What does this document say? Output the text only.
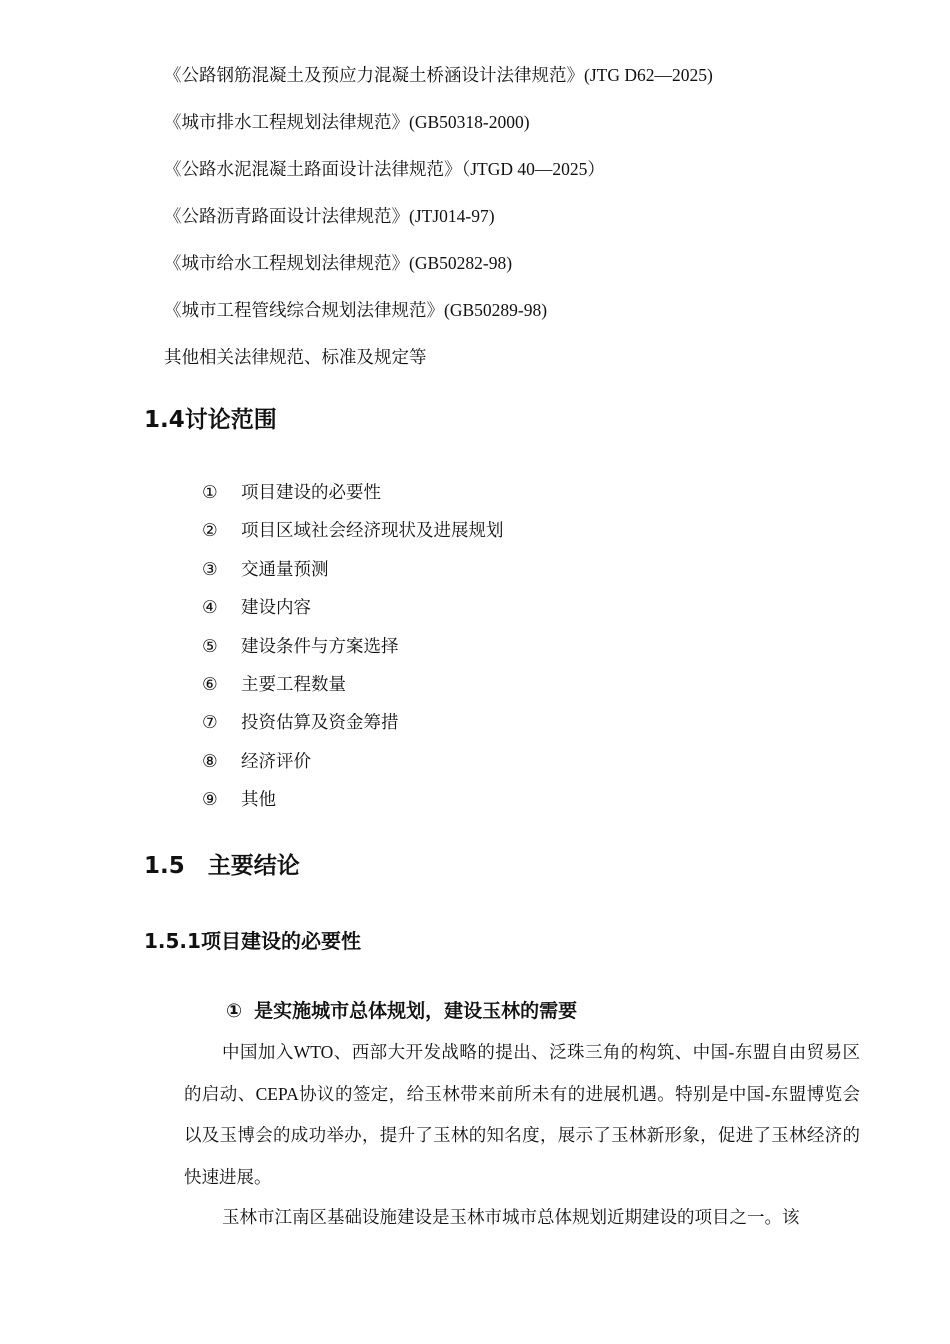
《公路钢筋混凝土及预应力混凝土桥涵设计法律规范》(JTG D62—2025)
《城市排水工程规划法律规范》(GB50318-2000)
《公路水泥混凝土路面设计法律规范》（JTGD 40—2025）
《公路沥青路面设计法律规范》(JTJ014-97)
《城市给水工程规划法律规范》(GB50282-98)
《城市工程管线综合规划法律规范》(GB50289-98)
其他相关法律规范、标准及规定等
1.4讨论范围
① 项目建设的必要性
② 项目区域社会经济现状及进展规划
③ 交通量预测
④ 建设内容
⑤ 建设条件与方案选择
⑥ 主要工程数量
⑦ 投资估算及资金筹措
⑧ 经济评价
⑨ 其他
1.5　主要结论
1.5.1项目建设的必要性
① 是实施城市总体规划，建设玉林的需要

中国加入WTO、西部大开发战略的提出、泛珠三角的构筑、中国-东盟自由贸易区的启动、CEPA协议的签定，给玉林带来前所未有的进展机遇。特别是中国-东盟博览会以及玉博会的成功举办，提升了玉林的知名度，展示了玉林新形象，促进了玉林经济的快速进展。

玉林市江南区基础设施建设是玉林市城市总体规划近期建设的项目之一。该
